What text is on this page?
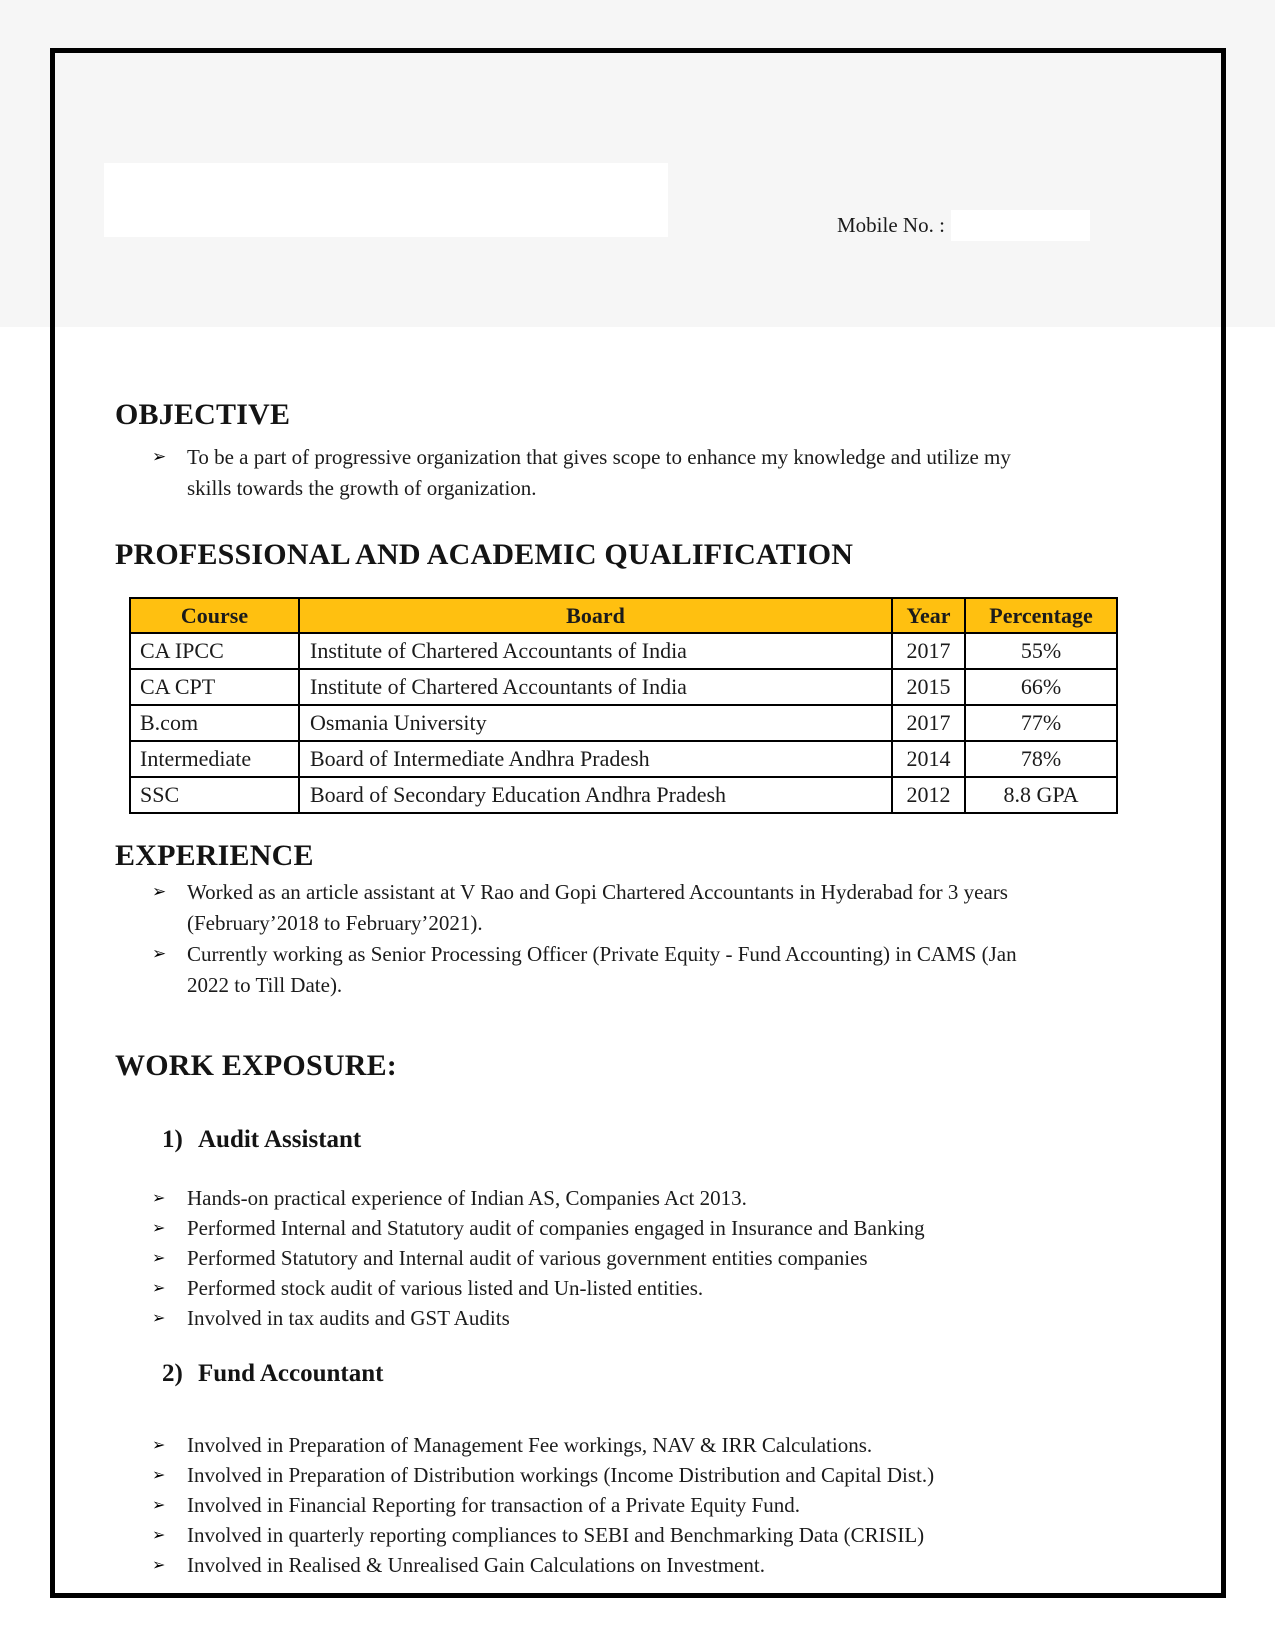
Mobile No. :
OBJECTIVE
➢ To be a part of progressive organization that gives scope to enhance my knowledge and utilize my skills towards the growth of organization.
PROFESSIONAL AND ACADEMIC QUALIFICATION
Course	Board	Year	Percentage
CA IPCC	Institute of Chartered Accountants of India	2017	55%
CA CPT	Institute of Chartered Accountants of India	2015	66%
B.com	Osmania University	2017	77%
Intermediate	Board of Intermediate Andhra Pradesh	2014	78%
SSC	Board of Secondary Education Andhra Pradesh	2012	8.8 GPA
EXPERIENCE
➢ Worked as an article assistant at V Rao and Gopi Chartered Accountants in Hyderabad for 3 years (February’2018 to February’2021).
➢ Currently working as Senior Processing Officer (Private Equity - Fund Accounting) in CAMS (Jan 2022 to Till Date).
WORK EXPOSURE:
1) Audit Assistant
➢	Hands-on practical experience of Indian AS, Companies Act 2013.
➢	Performed Internal and Statutory audit of companies engaged in Insurance and Banking
➢	Performed Statutory and Internal audit of various government entities companies
➢	Performed stock audit of various listed and Un-listed entities.
➢	Involved in tax audits and GST Audits
2) Fund Accountant
➢	Involved in Preparation of Management Fee workings, NAV & IRR Calculations.
➢	Involved in Preparation of Distribution workings (Income Distribution and Capital Dist.)
➢	Involved in Financial Reporting for transaction of a Private Equity Fund.
➢	Involved in quarterly reporting compliances to SEBI and Benchmarking Data (CRISIL)
➢	Involved in Realised & Unrealised Gain Calculations on Investment.
